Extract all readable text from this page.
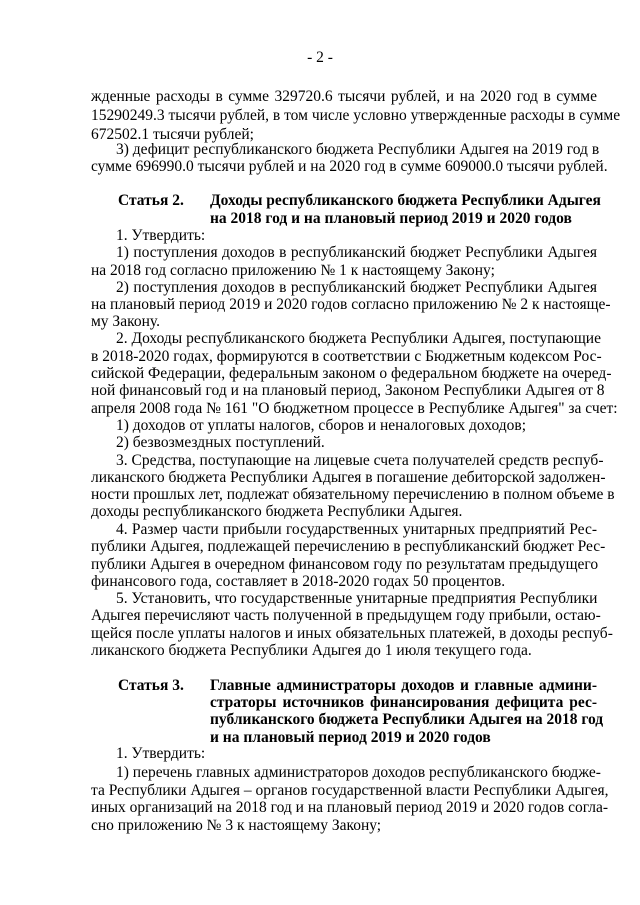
- 2 -
жденные расходы в сумме 329720.6 тысячи рублей, и на 2020 год в сумме
15290249.3 тысячи рублей, в том числе условно утвержденные расходы в сумме
672502.1 тысячи рублей;
3) дефицит республиканского бюджета Республики Адыгея на 2019 год в
сумме 696990.0 тысячи рублей и на 2020 год в сумме 609000.0 тысячи рублей.
Статья 2. Доходы республиканского бюджета Республики Адыгея
на 2018 год и на плановый период 2019 и 2020 годов
1. Утвердить:
1) поступления доходов в республиканский бюджет Республики Адыгея
на 2018 год согласно приложению № 1 к настоящему Закону;
2) поступления доходов в республиканский бюджет Республики Адыгея
на плановый период 2019 и 2020 годов согласно приложению № 2 к настояще-
му Закону.
2. Доходы республиканского бюджета Республики Адыгея, поступающие
в 2018-2020 годах, формируются в соответствии с Бюджетным кодексом Рос-
сийской Федерации, федеральным законом о федеральном бюджете на очеред-
ной финансовый год и на плановый период, Законом Республики Адыгея от 8
апреля 2008 года № 161 "О бюджетном процессе в Республике Адыгея" за счет:
1) доходов от уплаты налогов, сборов и неналоговых доходов;
2) безвозмездных поступлений.
3. Средства, поступающие на лицевые счета получателей средств респуб-
ликанского бюджета Республики Адыгея в погашение дебиторской задолжен-
ности прошлых лет, подлежат обязательному перечислению в полном объеме в
доходы республиканского бюджета Республики Адыгея.
4. Размер части прибыли государственных унитарных предприятий Рес-
публики Адыгея, подлежащей перечислению в республиканский бюджет Рес-
публики Адыгея в очередном финансовом году по результатам предыдущего
финансового года, составляет в 2018-2020 годах 50 процентов.
5. Установить, что государственные унитарные предприятия Республики
Адыгея перечисляют часть полученной в предыдущем году прибыли, остаю-
щейся после уплаты налогов и иных обязательных платежей, в доходы респуб-
ликанского бюджета Республики Адыгея до 1 июля текущего года.
Статья 3. Главные администраторы доходов и главные админи-
страторы источников финансирования дефицита рес-
публиканского бюджета Республики Адыгея на 2018 год
и на плановый период 2019 и 2020 годов
1. Утвердить:
1) перечень главных администраторов доходов республиканского бюдже-
та Республики Адыгея – органов государственной власти Республики Адыгея,
иных организаций на 2018 год и на плановый период 2019 и 2020 годов согла-
сно приложению № 3 к настоящему Закону;
